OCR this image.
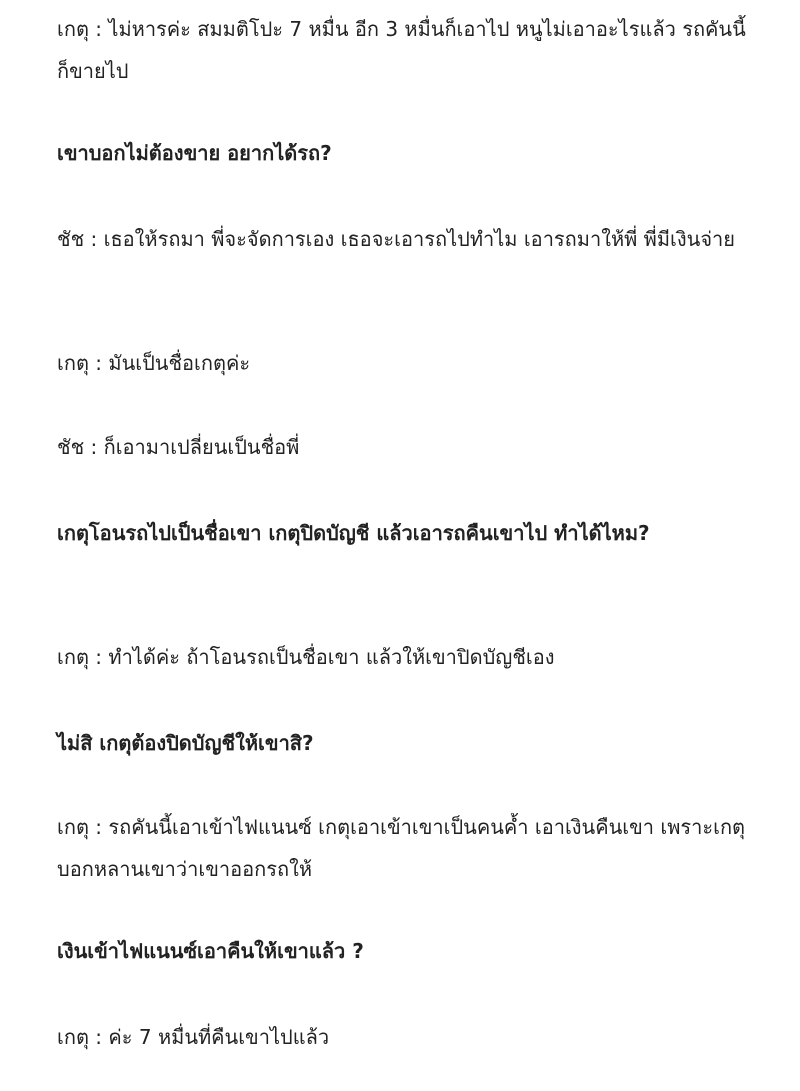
เกตุ : ไม่หารค่ะ สมมติโปะ 7 หมื่น อีก 3 หมื่นก็เอาไป หนูไม่เอาอะไรแล้ว รถคันนี้ก็ขายไป

เขาบอกไม่ต้องขาย อยากได้รถ?

ชัช : เธอให้รถมา พี่จะจัดการเอง เธอจะเอารถไปทำไม เอารถมาให้พี่ พี่มีเงินจ่าย

เกตุ : มันเป็นชื่อเกตุค่ะ

ชัช : ก็เอามาเปลี่ยนเป็นชื่อพี่

เกตุโอนรถไปเป็นชื่อเขา เกตุปิดบัญชี แล้วเอารถคืนเขาไป ทำได้ไหม?

เกตุ : ทำได้ค่ะ ถ้าโอนรถเป็นชื่อเขา แล้วให้เขาปิดบัญชีเอง

ไม่สิ เกตุต้องปิดบัญชีให้เขาสิ?

เกตุ : รถคันนี้เอาเข้าไฟแนนซ์ เกตุเอาเข้าเขาเป็นคนค้ำ เอาเงินคืนเขา เพราะเกตุบอกหลานเขาว่าเขาออกรถให้

เงินเข้าไฟแนนซ์เอาคืนให้เขาแล้ว ?

เกตุ : ค่ะ 7 หมื่นที่คืนเขาไปแล้ว
